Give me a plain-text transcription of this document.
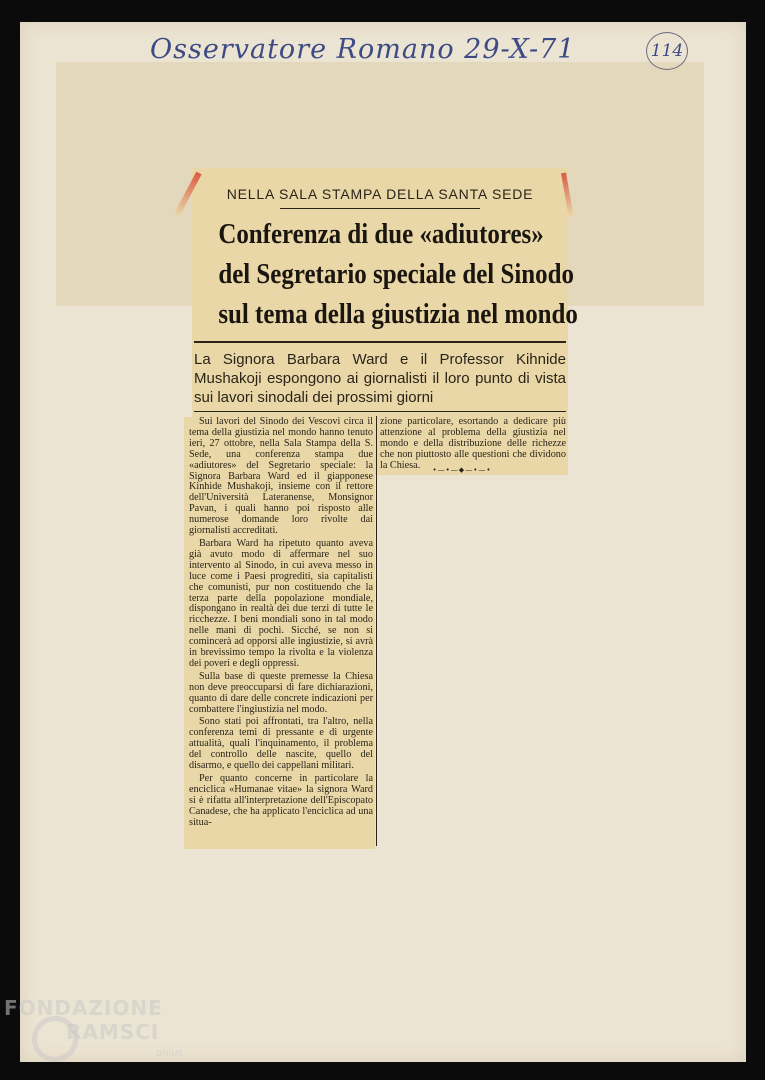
Osservatore Romano 29-X-71	114
NELLA SALA STAMPA DELLA SANTA SEDE
Conferenza di due «adiutores»
del Segretario speciale del Sinodo
sul tema della giustizia nel mondo
La Signora Barbara Ward e il Professor Kihnide Mushakoji espongono ai giornalisti il loro punto di vista sui lavori sinodali dei prossimi giorni

Sui lavori del Sinodo dei Vescovi circa il tema della giustizia nel mondo hanno tenuto ieri, 27 ottobre, nella Sala Stampa della S. Sede, una conferenza stampa due «adiutores» del Segretario speciale: la Signora Barbara Ward ed il giapponese Kinhide Mushakoji, insieme con il rettore dell'Università Lateranense, Monsignor Pavan, i quali hanno poi risposto alle numerose domande loro rivolte dai giornalisti accreditati.

Barbara Ward ha ripetuto quanto aveva già avuto modo di affermare nel suo intervento al Sinodo, in cui aveva messo in luce come i Paesi progrediti, sia capitalisti che comunisti, pur non costituendo che la terza parte della popolazione mondiale, dispongano in realtà dei due terzi di tutte le ricchezze. I beni mondiali sono in tal modo nelle mani di pochi. Sicché, se non si comincerà ad opporsi alle ingiustizie, si avrà in brevissimo tempo la rivolta e la violenza dei poveri e degli oppressi.

Sulla base di queste premesse la Chiesa non deve preoccuparsi di fare dichiarazioni, quanto di dare delle concrete indicazioni per combattere l'ingiustizia nel modo.

Sono stati poi affrontati, tra l'altro, nella conferenza temi di pressante e di urgente attualità, quali l'inquinamento, il problema del controllo delle nascite, quello del disarmo, e quello dei cappellani militari.

Per quanto concerne in particolare la enciclica «Humanae vitae» la signora Ward si è rifatta all'interpretazione dell'Episcopato Canadese, che ha applicato l'enciclica ad una situa-

zione particolare, esortando a dedicare più attenzione al problema della giustizia nel mondo e della distribuzione delle richezze che non piuttosto alle questioni che dividono la Chiesa.	•—•—◆—•—•
FONDAZIONE
RAMSCI
onlus
